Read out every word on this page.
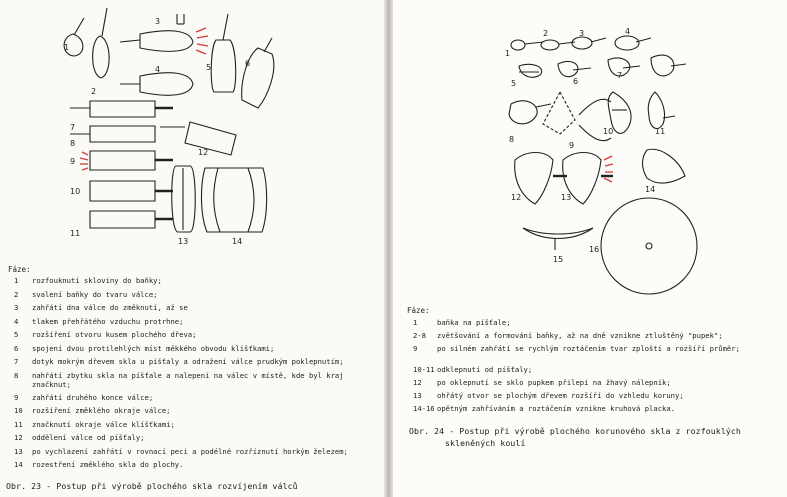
1
2
3
4	5	6
7
8
9
10
11
12
13	14
Fáze:
1	rozfouknutí skloviny do baňky;
2	svalení baňky do tvaru válce;
3	zahřátí dna válce do změknutí, až se
4	tlakem přehřátého vzduchu protrhne;
5	rozšíření otvoru kusem plochého dřeva;
6	spojení dvou protilehlých míst měkkého obvodu klíšťkami;
7	dotyk mokrým dřevem skla u píšťaly a odražení válce prudkým poklepnutím;
8	nahřátí zbytku skla na píšťale a nalepení na válec v místě, kde byl kraj značknut;
9	zahřátí druhého konce válce;
10	rozšíření změklého okraje válce;
11	značknutí okraje válce klíšťkami;
12	oddělení válce od píšťaly;
13	po vychlazení zahřátí v rovnací peci a podélné rozříznutí horkým železem;
14	rozestření změklého skla do plochy.
Obr. 23 - Postup při výrobě plochého skla rozvíjením válců
1
2	3	4
5	6
7
8
9
10	11
12	13
14
15
16
Fáze:
1	baňka na píšťale;
2-8	zvětšování a formování baňky, až na dně vznikne ztluštěný "pupek";
9	po silném zahřátí se rychlým roztáčením tvar zploští a rozšíří průměr;
10-11 odklepnutí od píšťaly;
12	po oklepnutí se sklo pupkem přilepí na žhavý nálepník;
13	ohřátý otvor se plochým dřevem rozšíří do vzhledu koruny;
14-16 opětným zahříváním a roztáčením vznikne kruhová placka.
Obr. 24 - Postup při výrobě plochého korunového skla z rozfouklých
skleněných koulí
